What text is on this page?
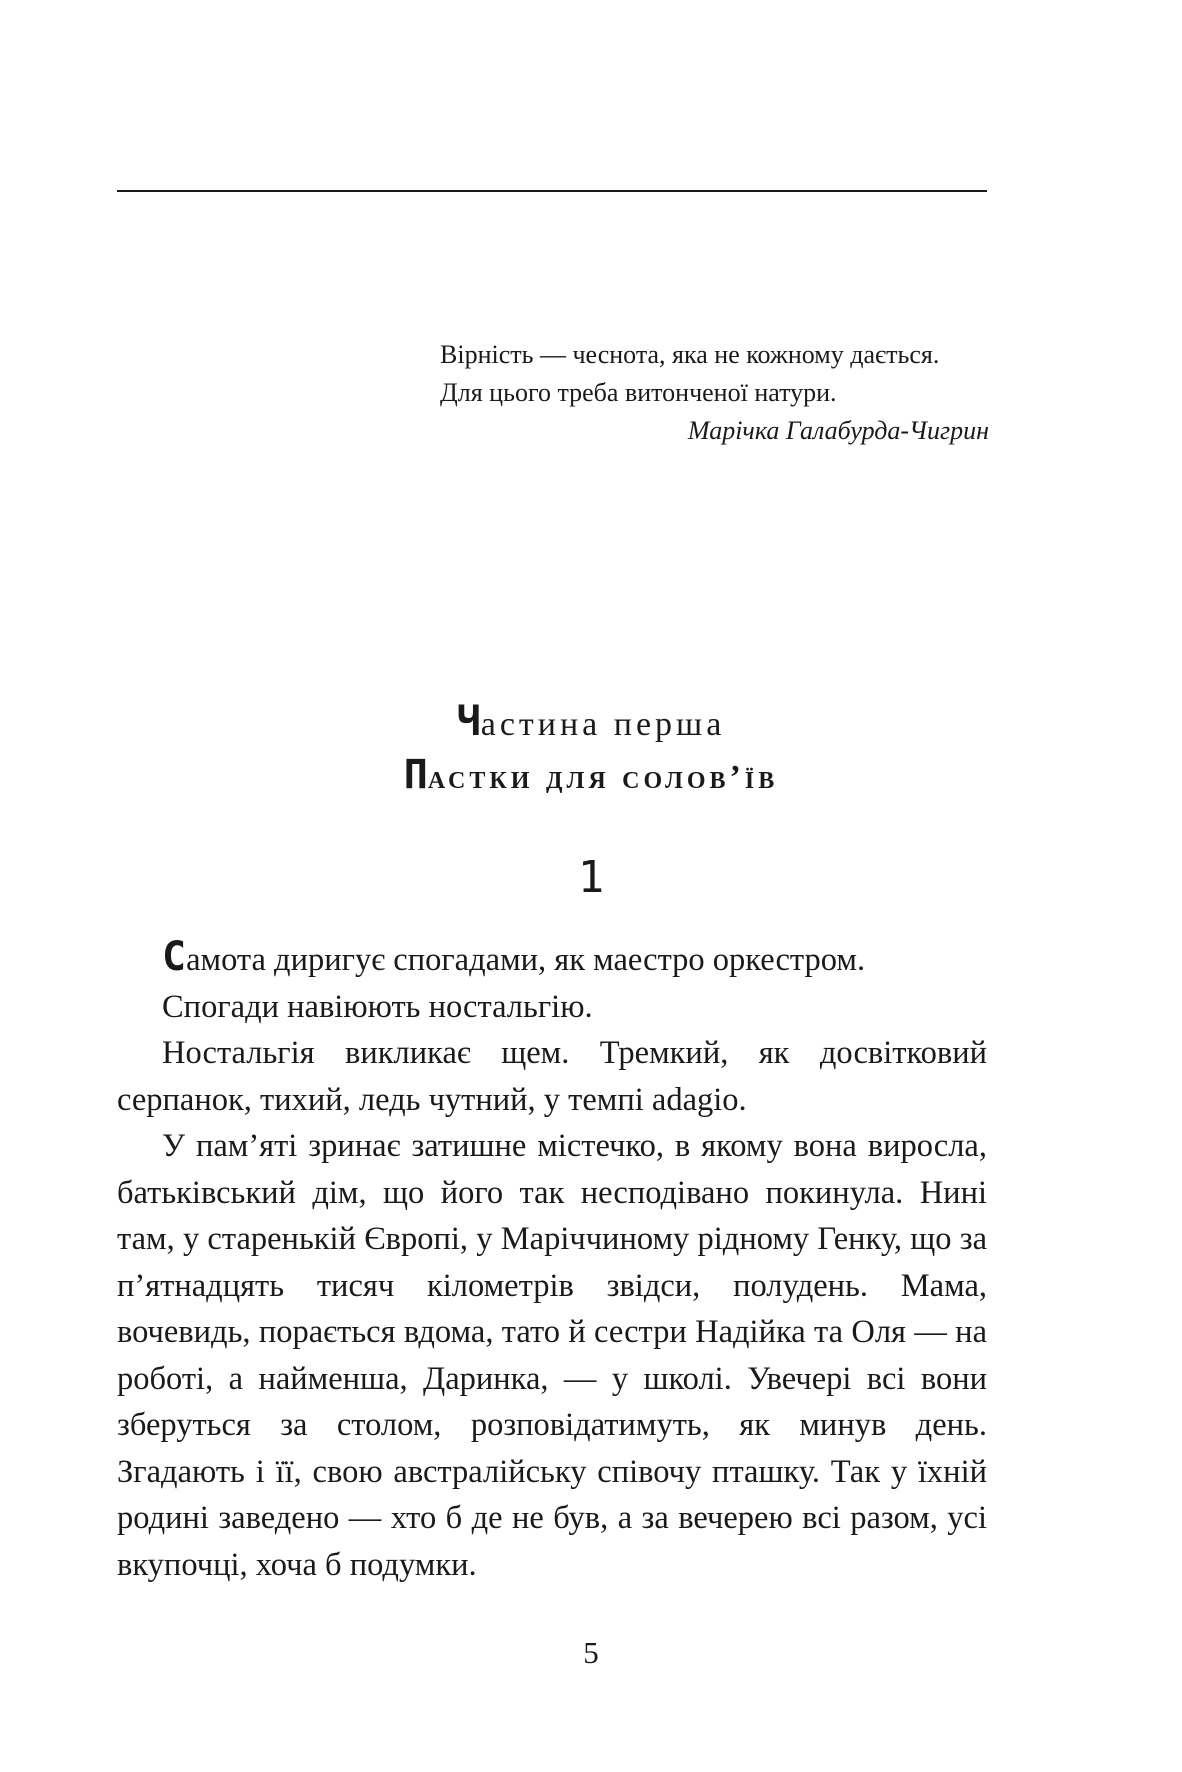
Вірність — чеснота, яка не кожному дається.
Для цього треба витонченої натури.
Марічка Галабурда-Чигрин
Частина перша
Пастки для солов’їв
1

Самота диригує спогадами, як маестро оркестром.

Спогади навіюють ностальгію.

Ностальгія викликає щем. Тремкий, як досвітковий серпанок, тихий, ледь чутний, у темпі adagio.

У пам’яті зринає затишне містечко, в якому вона виросла, батьківський дім, що його так несподівано покинула. Нині там, у старенькій Європі, у Маріччиному рідному Генку, що за п’ятнадцять тисяч кілометрів звідси, полудень. Мама, вочевидь, порається вдома, тато й сестри Надійка та Оля — на роботі, а найменша, Даринка, — у школі. Увечері всі вони зберуться за столом, розповідатимуть, як минув день. Згадають і її, свою австралійську співочу пташку. Так у їхній родині заведено — хто б де не був, а за вечерею всі разом, усі вкупочці, хоча б подумки.

5
